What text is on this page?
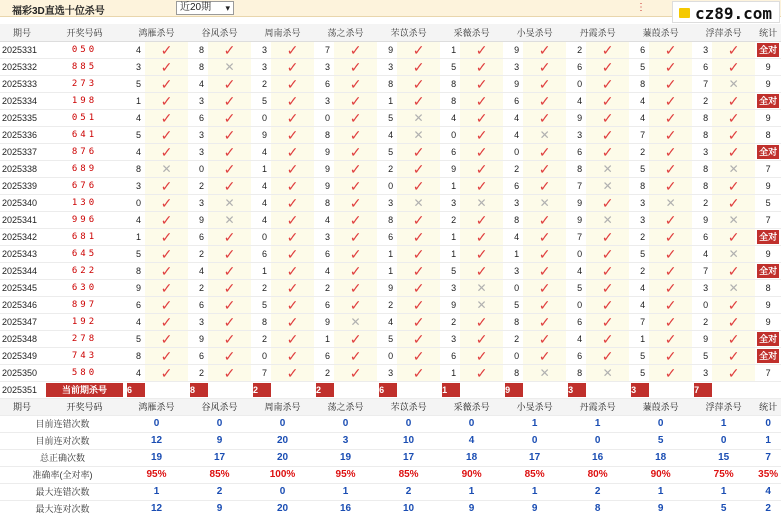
福彩3D直选十位杀号	近20期 ▾	⋮	cz89.com
期号	开奖号码	鸿雁杀号		谷风杀号		周南杀号		荡之杀号		芣苡杀号		采薇杀号		小旻杀号		丹霞杀号		蒹葭杀号		浮萍杀号		统计
2025331	050	4	✓	8	✓	3	✓	7	✓	9	✓	1	✓	9	✓	2	✓	6	✓	3	✓	全对
2025332	885	3	✓	8	✕	3	✓	3	✓	3	✓	5	✓	3	✓	6	✓	5	✓	6	✓	9
2025333	273	5	✓	4	✓	2	✓	6	✓	8	✓	8	✓	9	✓	0	✓	8	✓	7	✕	9
2025334	198	1	✓	3	✓	5	✓	3	✓	1	✓	8	✓	6	✓	4	✓	4	✓	2	✓	全对
2025335	051	4	✓	6	✓	0	✓	0	✓	5	✕	4	✓	4	✓	9	✓	4	✓	8	✓	9
2025336	641	5	✓	3	✓	9	✓	8	✓	4	✕	0	✓	4	✕	3	✓	7	✓	8	✓	8
2025337	876	4	✓	3	✓	4	✓	9	✓	5	✓	6	✓	0	✓	6	✓	2	✓	3	✓	全对
2025338	689	8	✕	0	✓	1	✓	9	✓	2	✓	9	✓	2	✓	8	✕	5	✓	8	✕	7
2025339	676	3	✓	2	✓	4	✓	9	✓	0	✓	1	✓	6	✓	7	✕	8	✓	8	✓	9
2025340	130	0	✓	3	✕	4	✓	8	✓	3	✕	3	✕	3	✕	9	✓	3	✕	2	✓	5
2025341	996	4	✓	9	✕	4	✓	4	✓	8	✓	2	✓	8	✓	9	✕	3	✓	9	✕	7
2025342	681	1	✓	6	✓	0	✓	3	✓	6	✓	1	✓	4	✓	7	✓	2	✓	6	✓	全对
2025343	645	5	✓	2	✓	6	✓	6	✓	1	✓	1	✓	1	✓	0	✓	5	✓	4	✕	9
2025344	622	8	✓	4	✓	1	✓	4	✓	1	✓	5	✓	3	✓	4	✓	2	✓	7	✓	全对
2025345	630	9	✓	2	✓	2	✓	2	✓	9	✓	3	✕	0	✓	5	✓	4	✓	3	✕	8
2025346	897	6	✓	6	✓	5	✓	6	✓	2	✓	9	✕	5	✓	0	✓	4	✓	0	✓	9
2025347	192	4	✓	3	✓	8	✓	9	✕	4	✓	2	✓	8	✓	6	✓	7	✓	2	✓	9
2025348	278	5	✓	9	✓	2	✓	1	✓	5	✓	3	✓	2	✓	4	✓	1	✓	9	✓	全对
2025349	743	8	✓	6	✓	0	✓	6	✓	0	✓	6	✓	0	✓	6	✓	5	✓	5	✓	全对
2025350	580	4	✓	2	✓	7	✓	2	✓	3	✓	1	✓	8	✕	8	✕	5	✓	3	✓	7
2025351	当前期杀号	6		8		2		2		6		1		9		3		3		7		
期号	开奖号码	鸿雁杀号		谷风杀号		周南杀号		荡之杀号		芣苡杀号		采薇杀号		小旻杀号		丹霞杀号		蒹葭杀号		浮萍杀号		统计
目前连错次数		0		0		0		0		0		0		1		1		0		1		0
目前连对次数		12		9		20		3		10		4		0		0		5		0		1
总正确次数		19		17		20		19		17		18		17		16		18		15		7
准确率(全对率)		95%		85%		100%		95%		85%		90%		85%		80%		90%		75%		35%
最大连错次数		1		2		0		1		2		1		1		2		1		1		4
最大连对次数		12		9		20		16		10		9		9		8		9		5		2
